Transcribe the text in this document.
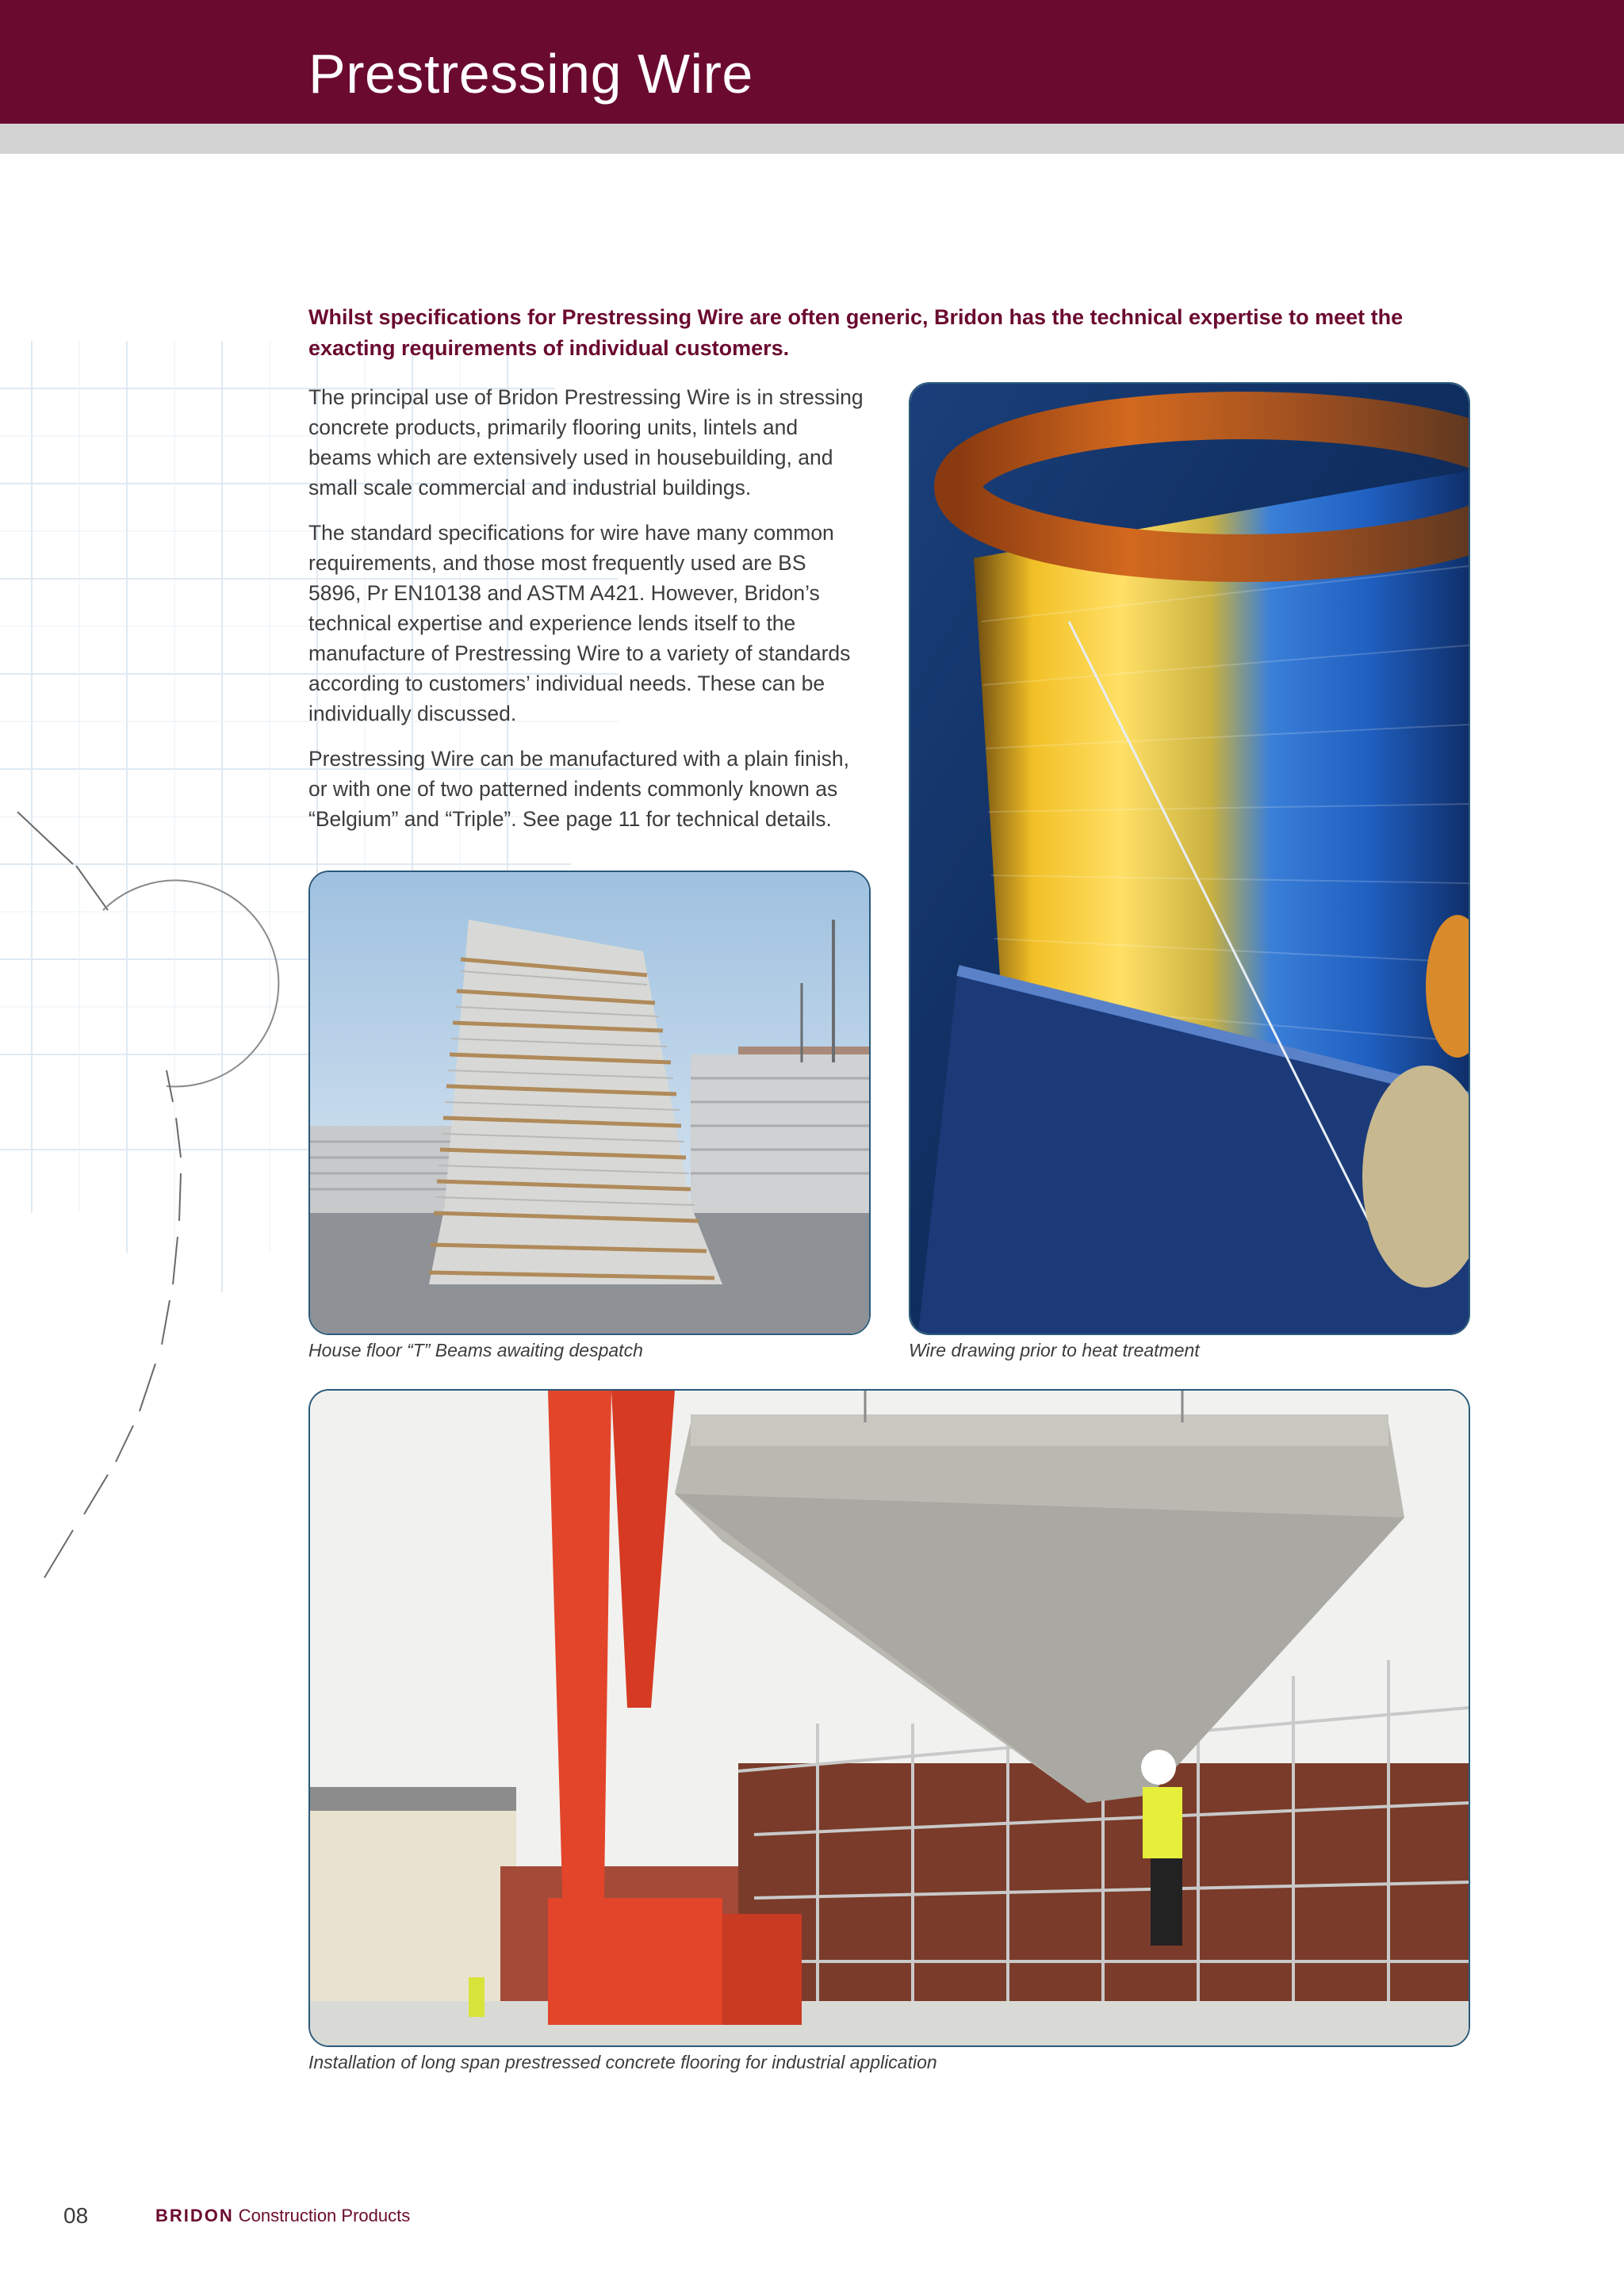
Prestressing Wire

Whilst specifications for Prestressing Wire are often generic, Bridon has the technical expertise to meet the exacting requirements of individual customers.

The principal use of Bridon Prestressing Wire is in stressing concrete products, primarily flooring units, lintels and beams which are extensively used in housebuilding, and small scale commercial and industrial buildings.

The standard specifications for wire have many common requirements, and those most frequently used are BS 5896, Pr EN10138 and ASTM A421. However, Bridon’s technical expertise and experience lends itself to the manufacture of Prestressing Wire to a variety of standards according to customers’ individual needs. These can be individually discussed.

Prestressing Wire can be manufactured with a plain finish, or with one of two patterned indents commonly known as “Belgium” and “Triple”. See page 11 for technical details.

House floor “T” Beams awaiting despatch	Wire drawing prior to heat treatment
Installation of long span prestressed concrete flooring for industrial application
08	BRIDON Construction Products
